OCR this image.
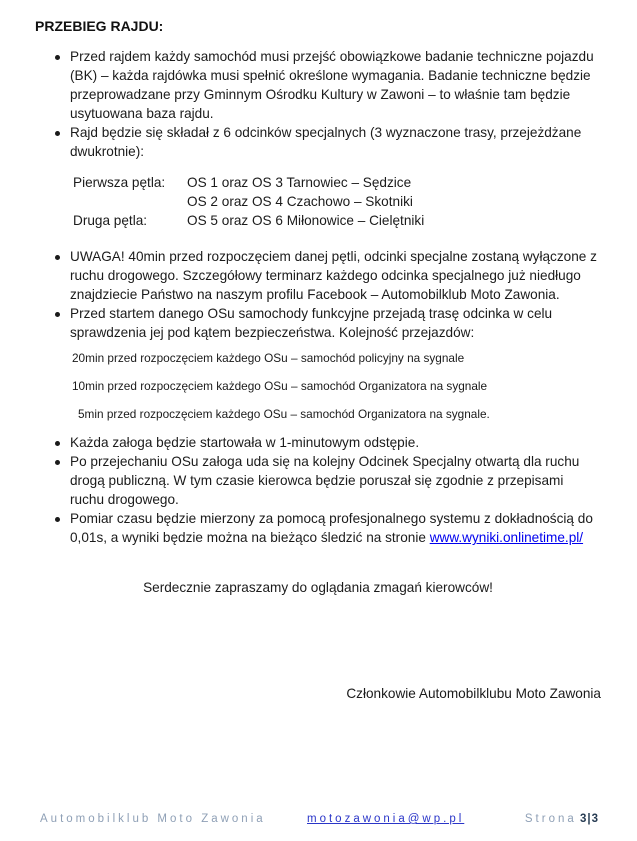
PRZEBIEG RAJDU:
Przed rajdem każdy samochód musi przejść obowiązkowe badanie techniczne pojazdu (BK) – każda rajdówka musi spełnić określone wymagania. Badanie techniczne będzie przeprowadzane przy Gminnym Ośrodku Kultury w Zawoni – to właśnie tam będzie usytuowana baza rajdu.
Rajd będzie się składał z 6 odcinków specjalnych (3 wyznaczone trasy, przejeżdżane dwukrotnie):
Pierwsza pętla:	OS 1 oraz OS 3 Tarnowiec – Sędzice
OS 2 oraz OS 4 Czachowo – Skotniki
Druga pętla:	OS 5 oraz OS 6 Miłonowice – Cielętniki
UWAGA! 40min przed rozpoczęciem danej pętli, odcinki specjalne zostaną wyłączone z ruchu drogowego. Szczegółowy terminarz każdego odcinka specjalnego już niedługo znajdziecie Państwo na naszym profilu Facebook – Automobilklub Moto Zawonia.
Przed startem danego OSu samochody funkcyjne przejadą trasę odcinka w celu sprawdzenia jej pod kątem bezpieczeństwa. Kolejność przejazdów:

20min przed rozpoczęciem każdego OSu – samochód policyjny na sygnale

10min przed rozpoczęciem każdego OSu – samochód Organizatora na sygnale

5min przed rozpoczęciem każdego OSu – samochód Organizatora na sygnale.

Każda załoga będzie startowała w 1-minutowym odstępie.
Po przejechaniu OSu załoga uda się na kolejny Odcinek Specjalny otwartą dla ruchu drogą publiczną. W tym czasie kierowca będzie poruszał się zgodnie z przepisami ruchu drogowego.
Pomiar czasu będzie mierzony za pomocą profesjonalnego systemu z dokładnością do 0,01s, a wyniki będzie można na bieżąco śledzić na stronie www.wyniki.onlinetime.pl/
Serdecznie zapraszamy do oglądania zmagań kierowców!
Członkowie Automobilklubu Moto Zawonia
Automobilklub Moto Zawonia	motozawonia@wp.pl	Strona 3|3
